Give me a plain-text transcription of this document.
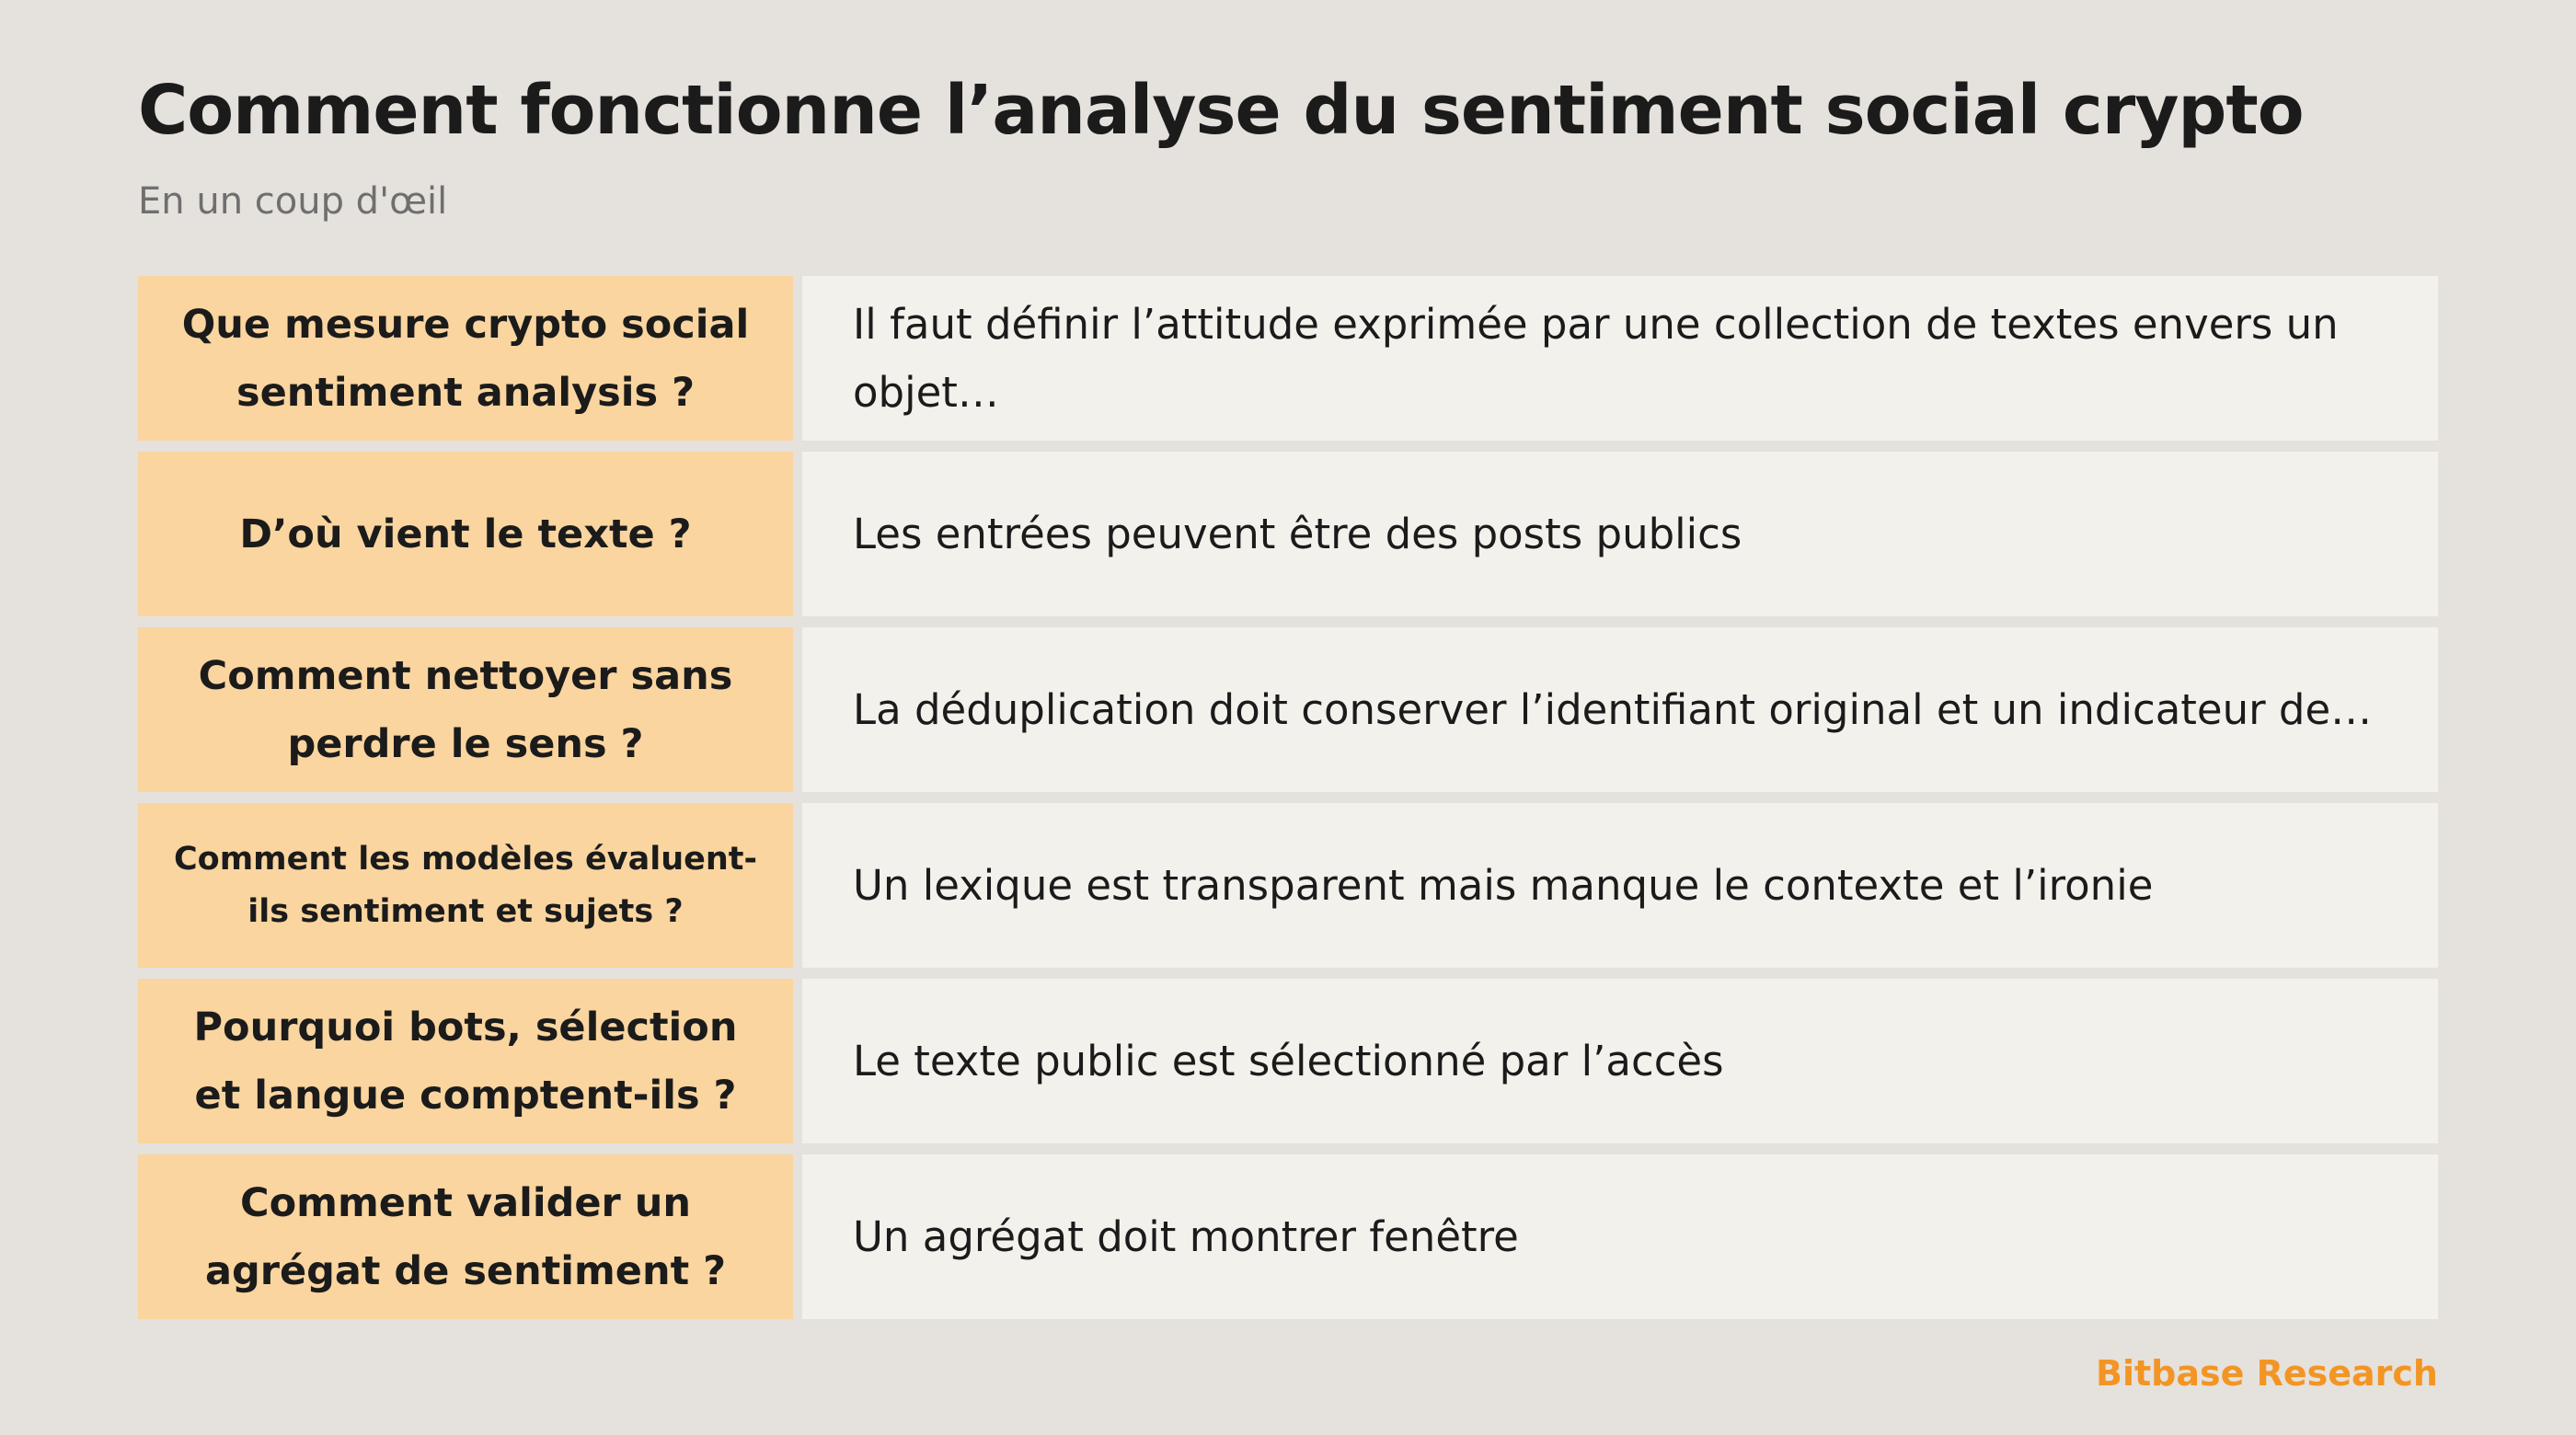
Comment fonctionne l’analyse du sentiment social crypto
En un coup d'œil
Que mesure crypto social sentiment analysis ?
Il faut définir l’attitude exprimée par une collection de textes envers un objet…
D’où vient le texte ?	Les entrées peuvent être des posts publics
Comment nettoyer sans perdre le sens ?
La déduplication doit conserver l’identifiant original et un indicateur de…
Comment les modèles évaluent-ils sentiment et sujets ?
Un lexique est transparent mais manque le contexte et l’ironie
Pourquoi bots, sélection et langue comptent-ils ?
Le texte public est sélectionné par l’accès
Comment valider un agrégat de sentiment ?
Un agrégat doit montrer fenêtre
Bitbase Research
